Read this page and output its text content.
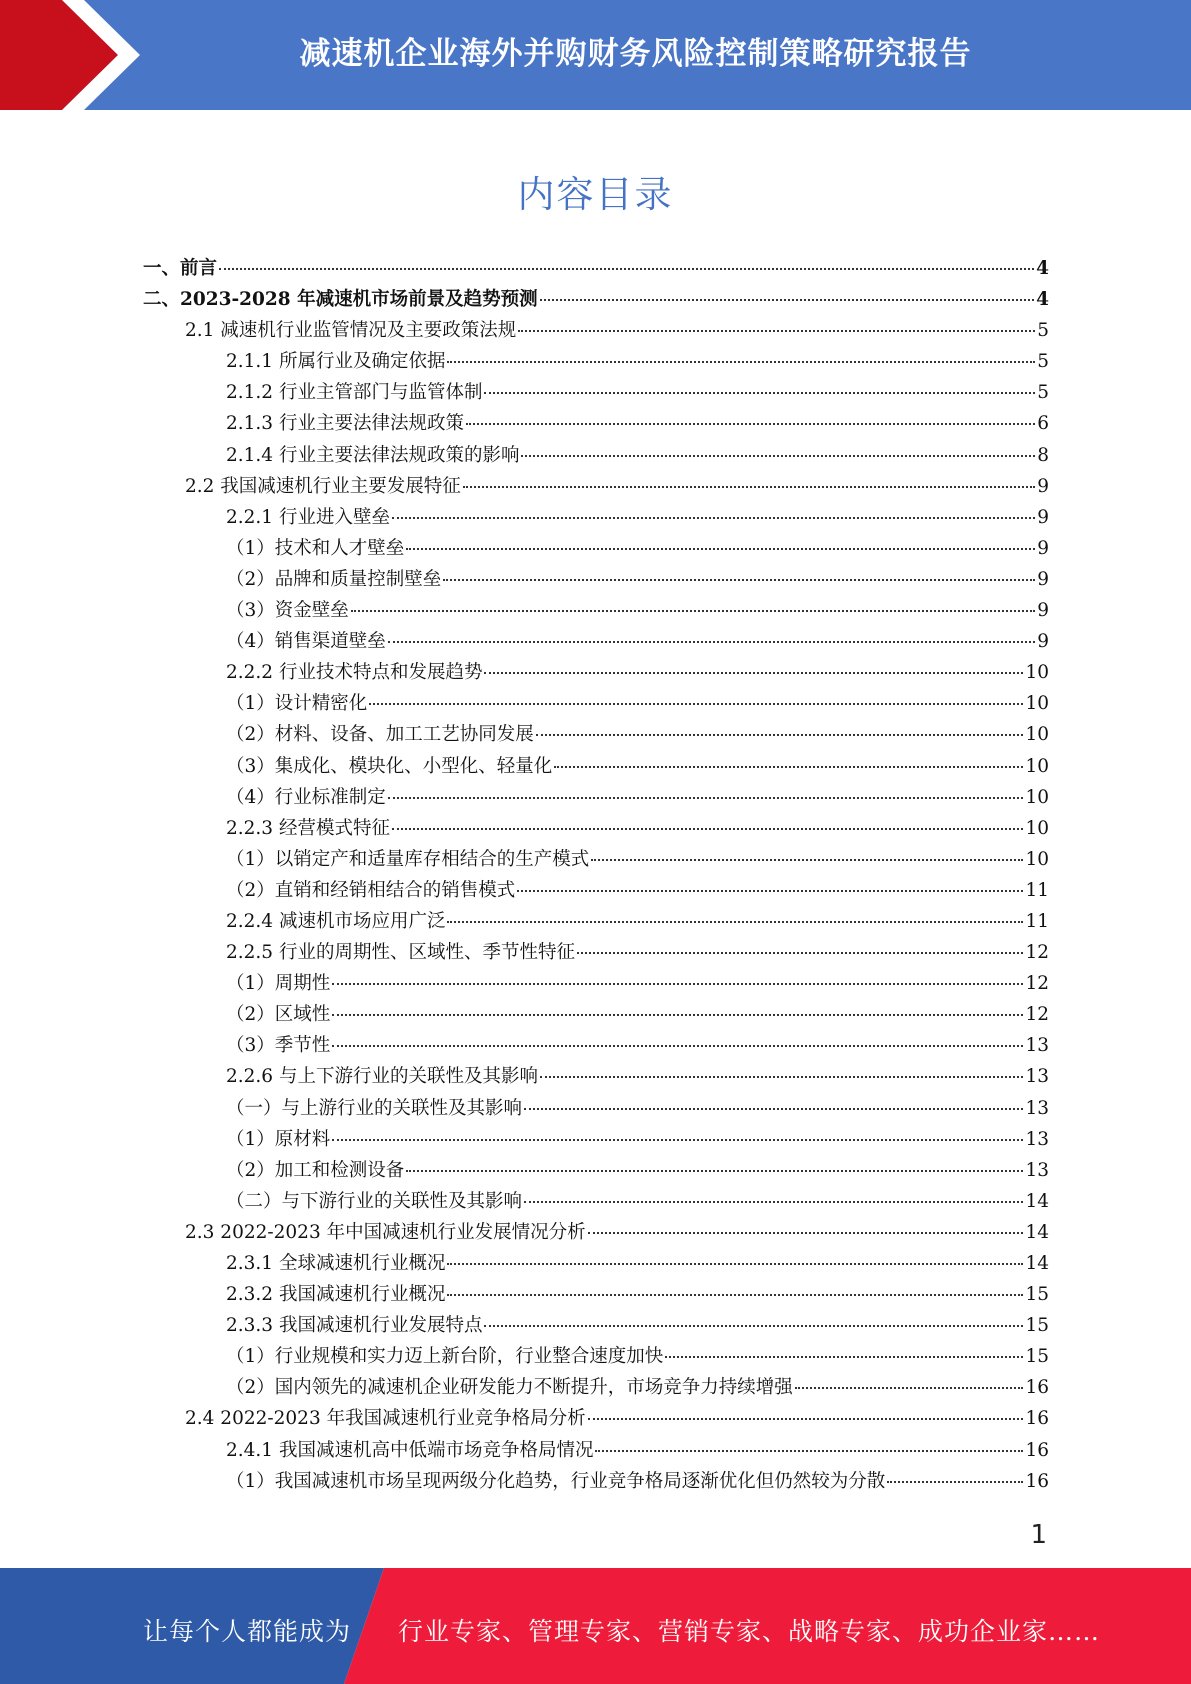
减速机企业海外并购财务风险控制策略研究报告
内容目录
一、前言	4
二、2023-2028 年减速机市场前景及趋势预测	4
2.1 减速机行业监管情况及主要政策法规	5
2.1.1 所属行业及确定依据	5
2.1.2 行业主管部门与监管体制	5
2.1.3 行业主要法律法规政策	6
2.1.4 行业主要法律法规政策的影响	8
2.2 我国减速机行业主要发展特征	9
2.2.1 行业进入壁垒	9
（1）技术和人才壁垒	9
（2）品牌和质量控制壁垒	9
（3）资金壁垒	9
（4）销售渠道壁垒	9
2.2.2 行业技术特点和发展趋势	10
（1）设计精密化	10
（2）材料、设备、加工工艺协同发展	10
（3）集成化、模块化、小型化、轻量化	10
（4）行业标准制定	10
2.2.3 经营模式特征	10
（1）以销定产和适量库存相结合的生产模式	10
（2）直销和经销相结合的销售模式	11
2.2.4 减速机市场应用广泛	11
2.2.5 行业的周期性、区域性、季节性特征	12
（1）周期性	12
（2）区域性	12
（3）季节性	13
2.2.6 与上下游行业的关联性及其影响	13
（一）与上游行业的关联性及其影响	13
（1）原材料	13
（2）加工和检测设备	13
（二）与下游行业的关联性及其影响	14
2.3 2022-2023 年中国减速机行业发展情况分析	14
2.3.1 全球减速机行业概况	14
2.3.2 我国减速机行业概况	15
2.3.3 我国减速机行业发展特点	15
（1）行业规模和实力迈上新台阶，行业整合速度加快	15
（2）国内领先的减速机企业研发能力不断提升，市场竞争力持续增强	16
2.4 2022-2023 年我国减速机行业竞争格局分析	16
2.4.1 我国减速机高中低端市场竞争格局情况	16
（1）我国减速机市场呈现两级分化趋势，行业竞争格局逐渐优化但仍然较为分散	16
1
让每个人都能成为 行业专家、管理专家、营销专家、战略专家、成功企业家……
